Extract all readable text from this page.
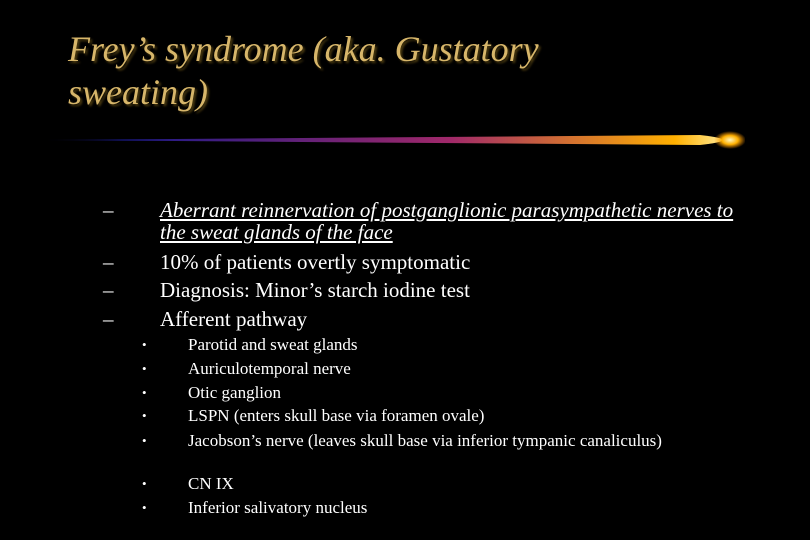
Frey’s syndrome (aka. Gustatory
sweating)
– Aberrant reinnervation of postganglionic parasympathetic nerves to the sweat glands of the face
– 10% of patients overtly symptomatic
– Diagnosis: Minor’s starch iodine test
– Afferent pathway
• Parotid and sweat glands
• Auriculotemporal nerve
• Otic ganglion
• LSPN (enters skull base via foramen ovale)
• Jacobson’s nerve (leaves skull base via inferior tympanic canaliculus)
• CN IX
• Inferior salivatory nucleus
